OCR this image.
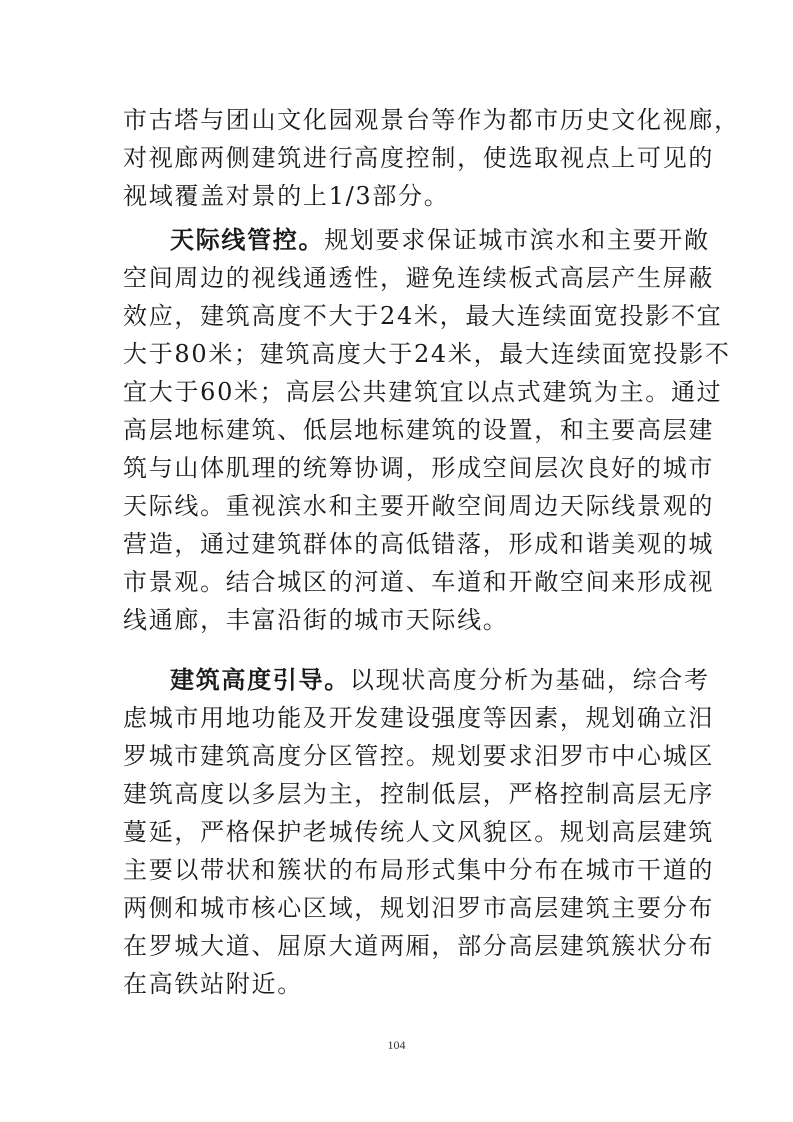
市古塔与团山文化园观景台等作为都市历史文化视廊，
对视廊两侧建筑进行高度控制，使选取视点上可见的
视域覆盖对景的上1/3部分。
天际线管控。规划要求保证城市滨水和主要开敞
空间周边的视线通透性，避免连续板式高层产生屏蔽
效应，建筑高度不大于24米，最大连续面宽投影不宜
大于80米；建筑高度大于24米，最大连续面宽投影不
宜大于60米；高层公共建筑宜以点式建筑为主。通过
高层地标建筑、低层地标建筑的设置，和主要高层建
筑与山体肌理的统筹协调，形成空间层次良好的城市
天际线。重视滨水和主要开敞空间周边天际线景观的
营造，通过建筑群体的高低错落，形成和谐美观的城
市景观。结合城区的河道、车道和开敞空间来形成视
线通廊，丰富沿街的城市天际线。
建筑高度引导。以现状高度分析为基础，综合考
虑城市用地功能及开发建设强度等因素，规划确立汨
罗城市建筑高度分区管控。规划要求汨罗市中心城区
建筑高度以多层为主，控制低层，严格控制高层无序
蔓延，严格保护老城传统人文风貌区。规划高层建筑
主要以带状和簇状的布局形式集中分布在城市干道的
两侧和城市核心区域，规划汨罗市高层建筑主要分布
在罗城大道、屈原大道两厢，部分高层建筑簇状分布
在高铁站附近。
104
